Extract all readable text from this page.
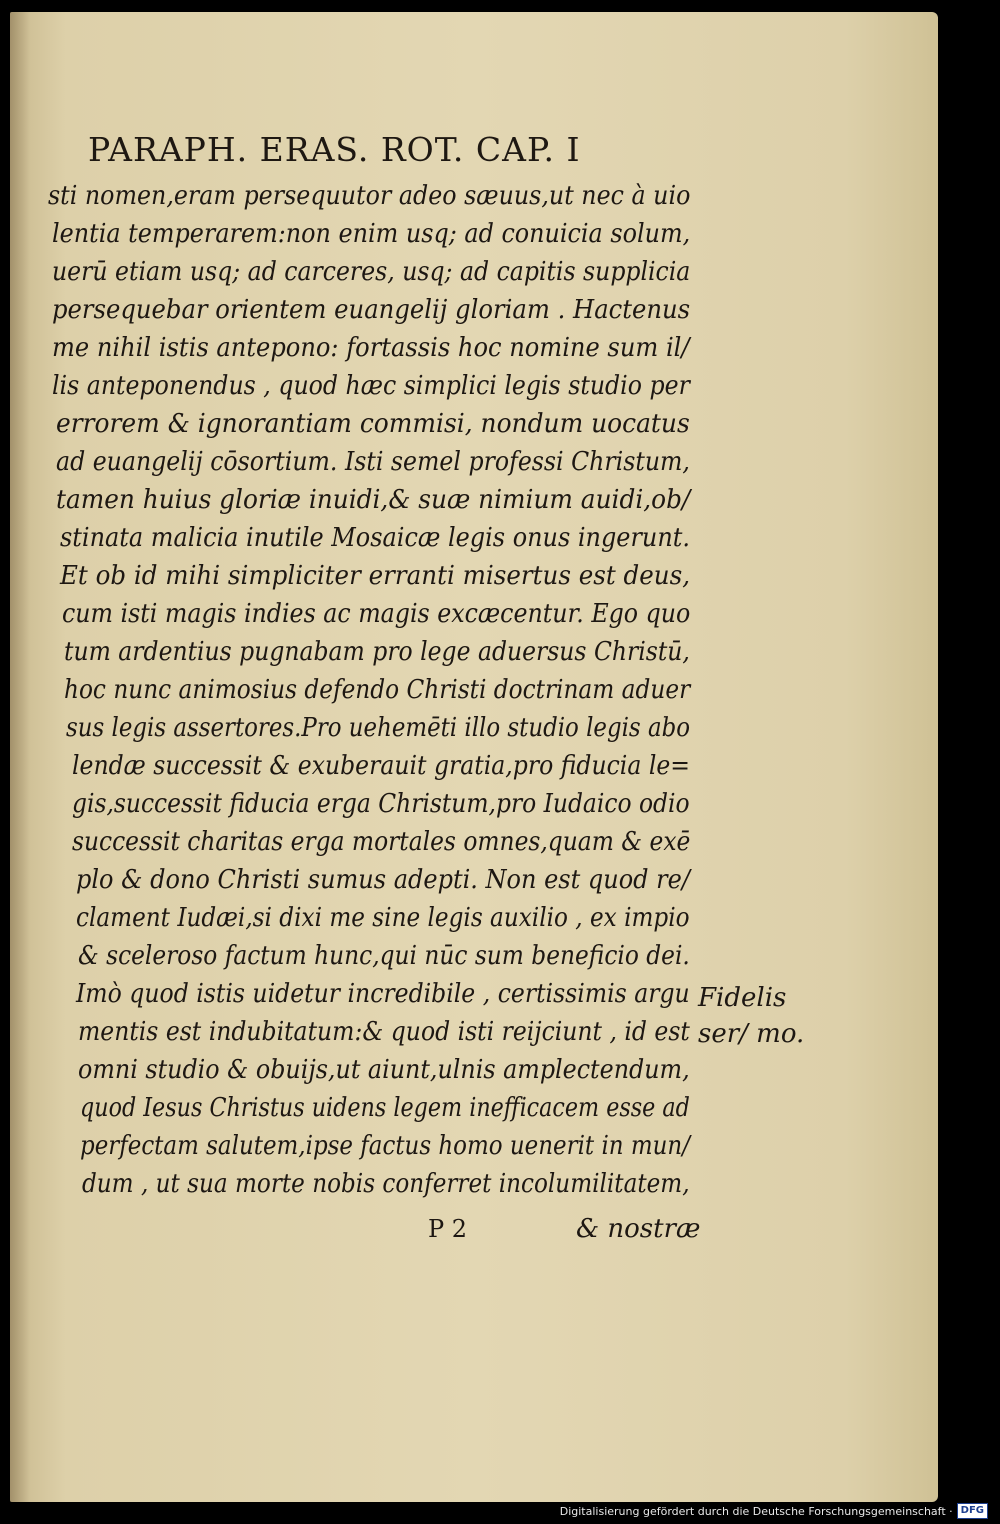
PARAPH. ERAS. ROT. CAP. I
sti nomen,eram persequutor adeo sæuus,ut nec à uio
lentia temperarem:non enim usq; ad conuicia solum,
uerū etiam usq; ad carceres, usq; ad capitis supplicia
persequebar orientem euangelij gloriam . Hactenus
me nihil istis antepono: fortassis hoc nomine sum il/
lis anteponendus , quod hæc simplici legis studio per
errorem & ignorantiam commisi, nondum uocatus
ad euangelij cōsortium. Isti semel professi Christum,
tamen huius gloriæ inuidi,& suæ nimium auidi,ob/
stinata malicia inutile Mosaicæ legis onus ingerunt.
Et ob id mihi simpliciter erranti misertus est deus,
cum isti magis indies ac magis excæcentur. Ego quo
tum ardentius pugnabam pro lege aduersus Christū,
hoc nunc animosius defendo Christi doctrinam aduer
sus legis assertores.Pro uehemēti illo studio legis abo
lendæ successit & exuberauit gratia,pro fiducia le=
gis,successit fiducia erga Christum,pro Iudaico odio
successit charitas erga mortales omnes,quam & exē
plo & dono Christi sumus adepti. Non est quod re/
clament Iudæi,si dixi me sine legis auxilio , ex impio
& sceleroso factum hunc,qui nūc sum beneficio dei.
Imò quod istis uidetur incredibile , certissimis argu
mentis est indubitatum:& quod isti reijciunt , id est
omni studio & obuijs,ut aiunt,ulnis amplectendum,
quod Iesus Christus uidens legem inefficacem esse ad
perfectam salutem,ipse factus homo uenerit in mun/
dum , ut sua morte nobis conferret incolumilitatem,
Fidelis ser/ mo.
P 2	& nostræ
Digitalisierung gefördert durch die Deutsche Forschungsgemeinschaft · DFG
